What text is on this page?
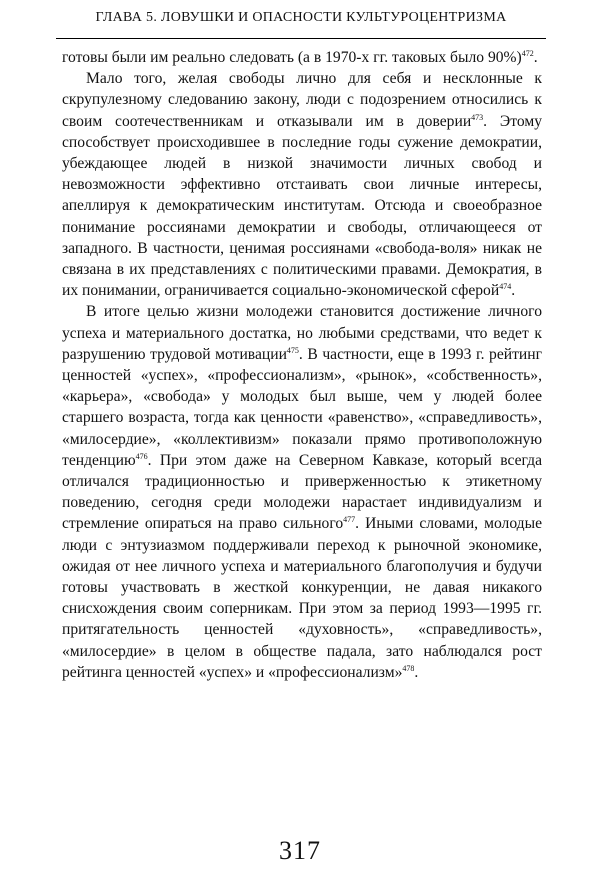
ГЛАВА 5. ЛОВУШКИ И ОПАСНОСТИ КУЛЬТУРОЦЕНТРИЗМА

готовы были им реально следовать (а в 1970-х гг. таковых было 90%)$^{472}$.

Мало того, желая свободы лично для себя и несклонные к скрупулезному следованию закону, люди с подозрением относились к своим соотечественникам и отказывали им в доверии$^{473}$. Этому способствует происходившее в последние годы сужение демократии, убеждающее людей в низкой значимости личных свобод и невозможности эффективно отстаивать свои личные интересы, апеллируя к демократическим институтам. Отсюда и своеобразное понимание россиянами демократии и свободы, отличающееся от западного. В частности, ценимая россиянами «свобода-воля» никак не связана в их представлениях с политическими правами. Демократия, в их понимании, ограничивается социально-экономической сферой$^{474}$.

В итоге целью жизни молодежи становится достижение личного успеха и материального достатка, но любыми средствами, что ведет к разрушению трудовой мотивации$^{475}$. В частности, еще в 1993 г. рейтинг ценностей «успех», «профессионализм», «рынок», «собственность», «карьера», «свобода» у молодых был выше, чем у людей более старшего возраста, тогда как ценности «равенство», «справедливость», «милосердие», «коллективизм» показали прямо противоположную тенденцию$^{476}$. При этом даже на Северном Кавказе, который всегда отличался традиционностью и приверженностью к этикетному поведению, сегодня среди молодежи нарастает индивидуализм и стремление опираться на право сильного$^{477}$. Иными словами, молодые люди с энтузиазмом поддерживали переход к рыночной экономике, ожидая от нее личного успеха и материального благополучия и будучи готовы участвовать в жесткой конкуренции, не давая никакого снисхождения своим соперникам. При этом за период 1993—1995 гг. притягательность ценностей «духовность», «справедливость», «милосердие» в целом в обществе падала, зато наблюдался рост рейтинга ценностей «успех» и «профессионализм»$^{478}$.

317
